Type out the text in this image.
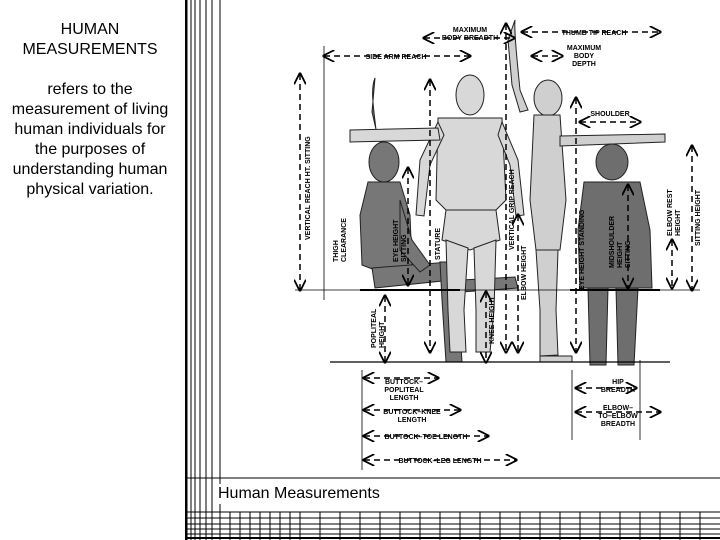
HUMAN MEASUREMENTS
refers to the measurement of living human individuals for the purposes of understanding human physical variation.
MAXIMUM BODY BREADTH
THUMB TIP REACH
MAXIMUM BODY DEPTH
SIDE ARM REACH
SHOULDER
VERTICAL REACH HT. SITTING	VERTICAL GRIP REACH
THIGHCLEARANCE	EYE HEIGHTSITTING	STATURE
ELBOW HEIGHT	EYE HEIGHT STANDING	MIDSHOULDERHEIGHTSITTING
ELBOW RESTHEIGHT SITTING HEIGHT
POPLITEALHEIGHT	KNEE HEIGHT
BUTTOCK– POPLITEAL LENGTH
BUTTOCK–KNEE LENGTH
BUTTOCK–TOE LENGTH
BUTTOCK–LEG LENGTH
HIP BREADTH
ELBOW– TO–ELBOW BREADTH
Human Measurements
